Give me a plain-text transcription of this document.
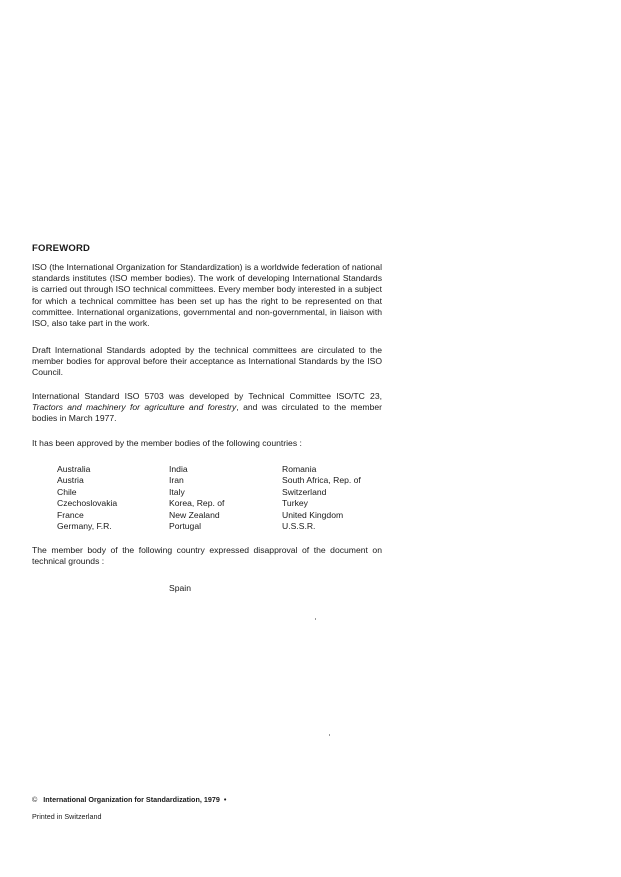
FOREWORD
ISO (the International Organization for Standardization) is a worldwide federation of national standards institutes (ISO member bodies). The work of developing International Standards is carried out through ISO technical committees. Every member body interested in a subject for which a technical committee has been set up has the right to be represented on that committee. International organizations, governmental and non-governmental, in liaison with ISO, also take part in the work.
Draft International Standards adopted by the technical committees are circulated to the member bodies for approval before their acceptance as International Standards by the ISO Council.
International Standard ISO 5703 was developed by Technical Committee ISO/TC 23, Tractors and machinery for agriculture and forestry, and was circulated to the member bodies in March 1977.
It has been approved by the member bodies of the following countries :
Australia
Austria
Chile
Czechoslovakia
France
Germany, F.R.
India
Iran
Italy
Korea, Rep. of
New Zealand
Portugal
Romania
South Africa, Rep. of
Switzerland
Turkey
United Kingdom
U.S.S.R.
The member body of the following country expressed disapproval of the document on technical grounds :
Spain
© International Organization for Standardization, 1979 •
Printed in Switzerland
